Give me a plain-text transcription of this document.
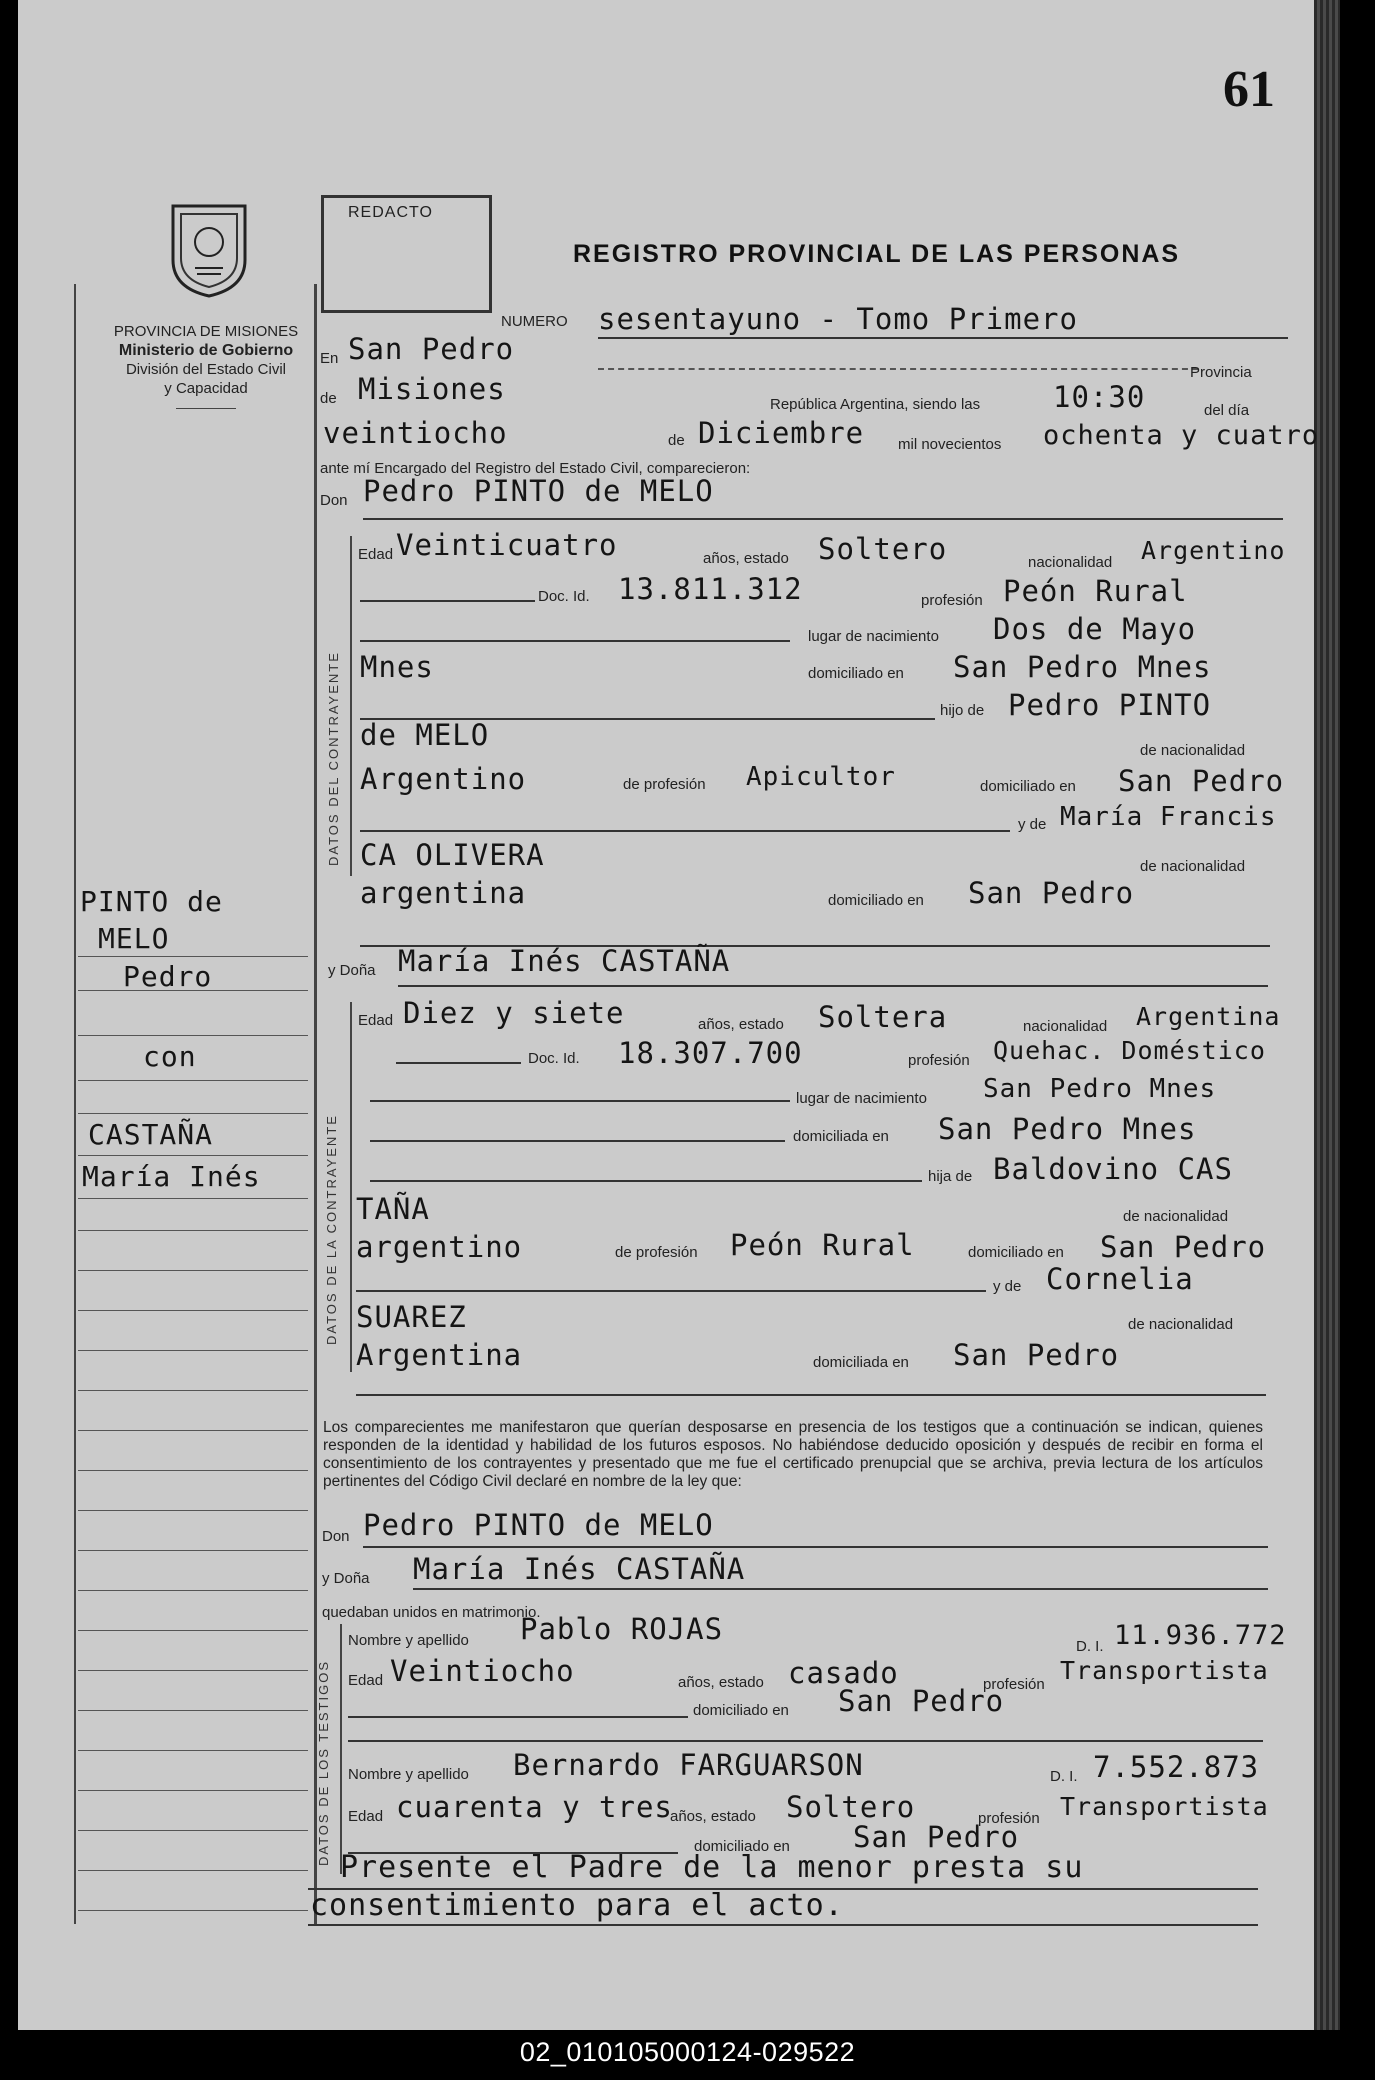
61
PROVINCIA DE MISIONES
Ministerio de Gobierno
División del Estado Civil
y Capacidad
REDACTO
REGISTRO PROVINCIAL DE LAS PERSONAS
PINTO de
MELO
Pedro
con
CASTAÑA
María Inés
NUMERO sesentayuno - Tomo Primero
En San Pedro
Provincia
de Misiones	República Argentina, siendo las	10:30	del día
veintiocho	de Diciembre mil novecientos ochenta y cuatro
ante mí Encargado del Registro del Estado Civil, comparecieron:
Don Pedro PINTO de MELO
DATOS DEL CONTRAYENTE
Edad Veinticuatro	años, estado Soltero	nacionalidad Argentino
Doc. Id. 13.811.312	profesión Peón Rural
lugar de nacimiento Dos de Mayo
Mnes	domiciliado en San Pedro Mnes
hijo de Pedro PINTO
de MELO	de nacionalidad
Argentino	de profesión Apicultor	domiciliado en San Pedro
y de María Francis
CA OLIVERA	de nacionalidad
argentina	domiciliado en San Pedro
y Doña María Inés CASTAÑA
DATOS DE LA CONTRAYENTE
Edad Diez y siete	años, estado Soltera	nacionalidad Argentina
Doc. Id. 18.307.700	profesión Quehac. Doméstico
lugar de nacimiento San Pedro Mnes
domiciliada en San Pedro Mnes
hija de Baldovino CAS
TAÑA	de nacionalidad
argentino	de profesión Peón Rural	domiciliado en San Pedro
y de Cornelia
SUAREZ	de nacionalidad
Argentina	domiciliada en San Pedro
Los comparecientes me manifestaron que querían desposarse en presencia de los testigos que a continuación se indican, quienes responden de la identidad y habilidad de los futuros esposos. No habiéndose deducido oposición y después de recibir en forma el consentimiento de los contrayentes y presentado que me fue el certificado prenupcial que se archiva, previa lectura de los artículos pertinentes del Código Civil declaré en nombre de la ley que:
Don Pedro PINTO de MELO
y Doña María Inés CASTAÑA
quedaban unidos en matrimonio.
DATOS DE LOS TESTIGOS
Nombre y apellido Pablo ROJAS
D. I. 11.936.772
Edad Veintiocho	años, estado casado	profesión Transportista
domiciliado en San Pedro
Nombre y apellido Bernardo FARGUARSON	D. I. 7.552.873
Edad cuarenta y tres
años, estado Soltero	profesión Transportista
domiciliado en San Pedro
Presente el Padre de la menor presta su
consentimiento para el acto.
02_010105000124-029522
